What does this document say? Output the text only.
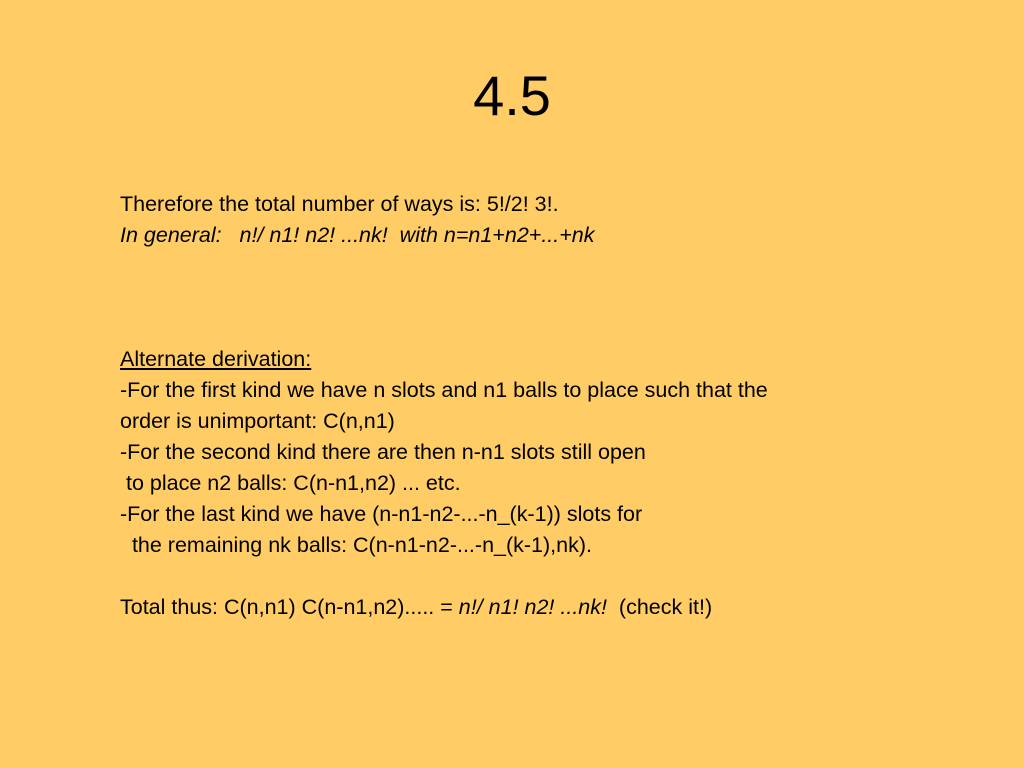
4.5
Therefore the total number of ways is: 5!/2! 3!.
In general:   n!/ n1! n2! ...nk!  with n=n1+n2+...+nk
Alternate derivation:
-For the first kind we have n slots and n1 balls to place such that the
order is unimportant: C(n,n1)
-For the second kind there are then n-n1 slots still open
to place n2 balls: C(n-n1,n2) ... etc.
-For the last kind we have (n-n1-n2-...-n_(k-1)) slots for
the remaining nk balls: C(n-n1-n2-...-n_(k-1),nk).
Total thus: C(n,n1) C(n-n1,n2)..... = n!/ n1! n2! ...nk!  (check it!)
